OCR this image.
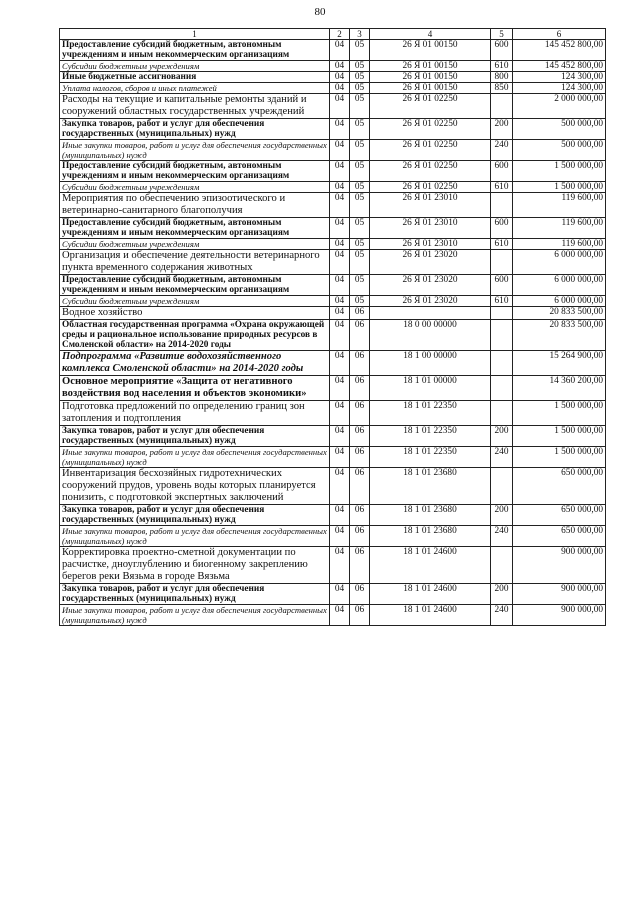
80
1	2	3	4	5	6
Предоставление субсидий бюджетным, автономным учреждениям и иным некоммерческим организациям	04	05	26 Я 01 00150	600	145 452 800,00
Субсидии бюджетным учреждениям	04	05	26 Я 01 00150	610	145 452 800,00
Иные бюджетные ассигнования	04	05	26 Я 01 00150	800	124 300,00
Уплата налогов, сборов и иных платежей	04	05	26 Я 01 00150	850	124 300,00
Расходы на текущие и капитальные ремонты зданий и сооружений областных государственных учреждений	04	05	26 Я 01 02250		2 000 000,00
Закупка товаров, работ и услуг для обеспечения государственных (муниципальных) нужд	04	05	26 Я 01 02250	200	500 000,00
Иные закупки товаров, работ и услуг для обеспечения государственных (муниципальных) нужд	04	05	26 Я 01 02250	240	500 000,00
Предоставление субсидий бюджетным, автономным учреждениям и иным некоммерческим организациям	04	05	26 Я 01 02250	600	1 500 000,00
Субсидии бюджетным учреждениям	04	05	26 Я 01 02250	610	1 500 000,00
Мероприятия по обеспечению эпизоотического и ветеринарно-санитарного благополучия	04	05	26 Я 01 23010		119 600,00
Предоставление субсидий бюджетным, автономным учреждениям и иным некоммерческим организациям	04	05	26 Я 01 23010	600	119 600,00
Субсидии бюджетным учреждениям	04	05	26 Я 01 23010	610	119 600,00
Организация и обеспечение деятельности ветеринарного пункта временного содержания животных	04	05	26 Я 01 23020		6 000 000,00
Предоставление субсидий бюджетным, автономным учреждениям и иным некоммерческим организациям	04	05	26 Я 01 23020	600	6 000 000,00
Субсидии бюджетным учреждениям	04	05	26 Я 01 23020	610	6 000 000,00
Водное хозяйство	04	06			20 833 500,00
Областная государственная программа «Охрана окружающей среды и рациональное использование природных ресурсов в Смоленской области» на 2014-2020 годы	04	06	18 0 00 00000		20 833 500,00
Подпрограмма «Развитие водохозяйственного комплекса Смоленской области» на 2014-2020 годы	04	06	18 1 00 00000		15 264 900,00
Основное мероприятие «Защита от негативного воздействия вод населения и объектов экономики»	04	06	18 1 01 00000		14 360 200,00
Подготовка предложений по определению границ зон затопления и подтопления	04	06	18 1 01 22350		1 500 000,00
Закупка товаров, работ и услуг для обеспечения государственных (муниципальных) нужд	04	06	18 1 01 22350	200	1 500 000,00
Иные закупки товаров, работ и услуг для обеспечения государственных (муниципальных) нужд	04	06	18 1 01 22350	240	1 500 000,00
Инвентаризация бесхозяйных гидротехнических сооружений прудов, уровень воды которых планируется понизить, с подготовкой экспертных заключений	04	06	18 1 01 23680		650 000,00
Закупка товаров, работ и услуг для обеспечения государственных (муниципальных) нужд	04	06	18 1 01 23680	200	650 000,00
Иные закупки товаров, работ и услуг для обеспечения государственных (муниципальных) нужд	04	06	18 1 01 23680	240	650 000,00
Корректировка проектно-сметной документации по расчистке, дноуглублению и биогенному закреплению берегов реки Вязьма в городе Вязьма	04	06	18 1 01 24600		900 000,00
Закупка товаров, работ и услуг для обеспечения государственных (муниципальных) нужд	04	06	18 1 01 24600	200	900 000,00
Иные закупки товаров, работ и услуг для обеспечения государственных (муниципальных) нужд	04	06	18 1 01 24600	240	900 000,00
